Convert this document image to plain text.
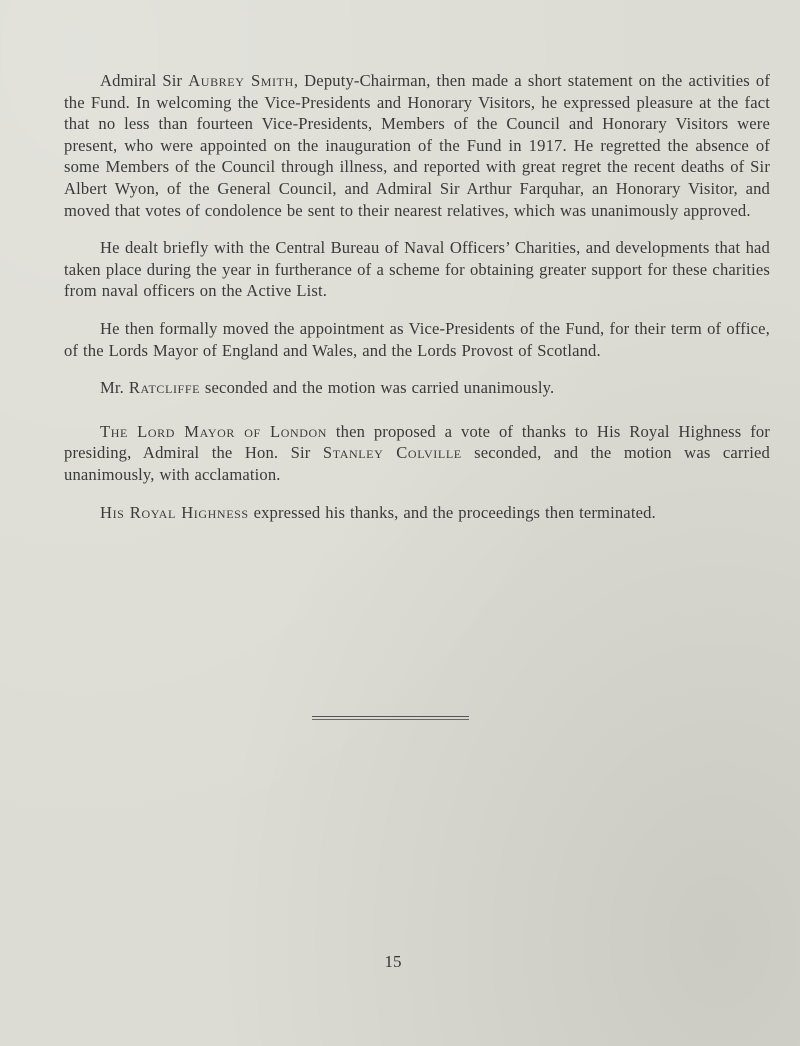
Admiral Sir Aubrey Smith, Deputy-Chairman, then made a short statement on the activities of the Fund. In welcoming the Vice-Presidents and Honorary Visitors, he expressed pleasure at the fact that no less than fourteen Vice-Presidents, Members of the Council and Honorary Visitors were present, who were appointed on the inauguration of the Fund in 1917. He regretted the absence of some Members of the Council through illness, and reported with great regret the recent deaths of Sir Albert Wyon, of the General Council, and Admiral Sir Arthur Farquhar, an Honorary Visitor, and moved that votes of condolence be sent to their nearest relatives, which was unanimously approved.

He dealt briefly with the Central Bureau of Naval Officers’ Charities, and developments that had taken place during the year in furtherance of a scheme for obtaining greater support for these charities from naval officers on the Active List.

He then formally moved the appointment as Vice-Presidents of the Fund, for their term of office, of the Lords Mayor of England and Wales, and the Lords Provost of Scotland.

Mr. Ratcliffe seconded and the motion was carried unanimously.

The Lord Mayor of London then proposed a vote of thanks to His Royal Highness for presiding, Admiral the Hon. Sir Stanley Colville seconded, and the motion was carried unanimously, with acclamation.

His Royal Highness expressed his thanks, and the proceedings then terminated.

15
